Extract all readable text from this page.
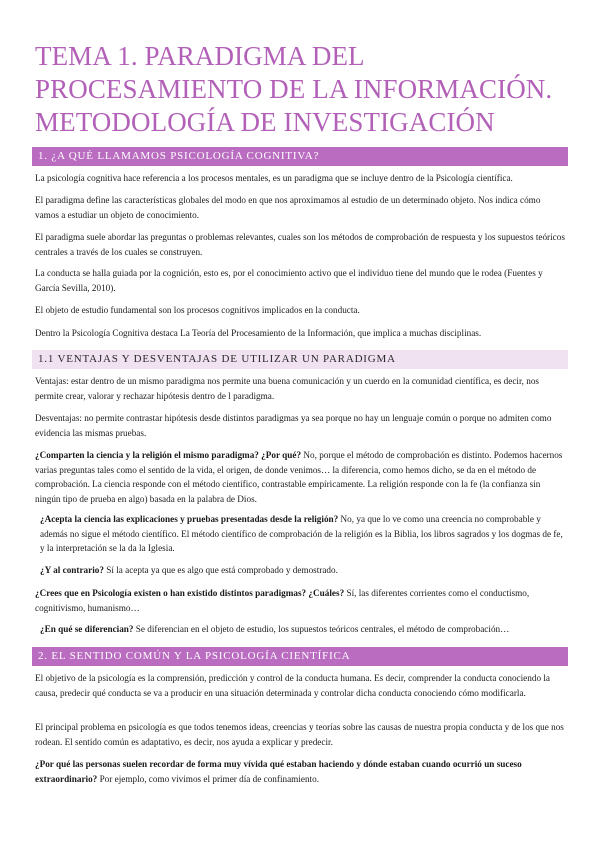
TEMA 1. PARADIGMA DEL
PROCESAMIENTO DE LA INFORMACIÓN.
METODOLOGÍA DE INVESTIGACIÓN
1. ¿A QUÉ LLAMAMOS PSICOLOGÍA COGNITIVA?

La psicología cognitiva hace referencia a los procesos mentales, es un paradigma que se incluye dentro de la Psicología científica.

El paradigma define las características globales del modo en que nos aproximamos al estudio de un determinado objeto. Nos indica cómo vamos a estudiar un objeto de conocimiento.

El paradigma suele abordar las preguntas o problemas relevantes, cuales son los métodos de comprobación de respuesta y los supuestos teóricos centrales a través de los cuales se construyen.

La conducta se halla guiada por la cognición, esto es, por el conocimiento activo que el individuo tiene del mundo que le rodea (Fuentes y García Sevilla, 2010).

El objeto de estudio fundamental son los procesos cognitivos implicados en la conducta.

Dentro la Psicología Cognitiva destaca La Teoría del Procesamiento de la Información, que implica a muchas disciplinas.

1.1 VENTAJAS Y DESVENTAJAS DE UTILIZAR UN PARADIGMA

Ventajas: estar dentro de un mismo paradigma nos permite una buena comunicación y un cuerdo en la comunidad científica, es decir, nos permite crear, valorar y rechazar hipótesis dentro de l paradigma.

Desventajas: no permite contrastar hipótesis desde distintos paradigmas ya sea porque no hay un lenguaje común o porque no admiten como evidencia las mismas pruebas.

¿Comparten la ciencia y la religión el mismo paradigma? ¿Por qué? No, porque el método de comprobación es distinto. Podemos hacernos varias preguntas tales como el sentido de la vida, el origen, de donde venimos… la diferencia, como hemos dicho, se da en el método de comprobación. La ciencia responde con el método científico, contrastable empíricamente. La religión responde con la fe (la confianza sin ningún tipo de prueba en algo) basada en la palabra de Dios.

¿Acepta la ciencia las explicaciones y pruebas presentadas desde la religión? No, ya que lo ve como una creencia no comprobable y además no sigue el método científico. El método científico de comprobación de la religión es la Biblia, los libros sagrados y los dogmas de fe, y la interpretación se la da la Iglesia.

¿Y al contrario? Sí la acepta ya que es algo que está comprobado y demostrado.

¿Crees que en Psicología existen o han existido distintos paradigmas? ¿Cuáles? Sí, las diferentes corrientes como el conductismo, cognitivismo, humanismo…

¿En qué se diferencian? Se diferencian en el objeto de estudio, los supuestos teóricos centrales, el método de comprobación…

2. EL SENTIDO COMÚN Y LA PSICOLOGÍA CIENTÍFICA

El objetivo de la psicología es la comprensión, predicción y control de la conducta humana. Es decir, comprender la conducta conociendo la causa, predecir qué conducta se va a producir en una situación determinada y controlar dicha conducta conociendo cómo modificarla.

El principal problema en psicología es que todos tenemos ideas, creencias y teorías sobre las causas de nuestra propia conducta y de los que nos rodean. El sentido común es adaptativo, es decir, nos ayuda a explicar y predecir.

¿Por qué las personas suelen recordar de forma muy vívida qué estaban haciendo y dónde estaban cuando ocurrió un suceso extraordinario? Por ejemplo, como vivimos el primer día de confinamiento.
